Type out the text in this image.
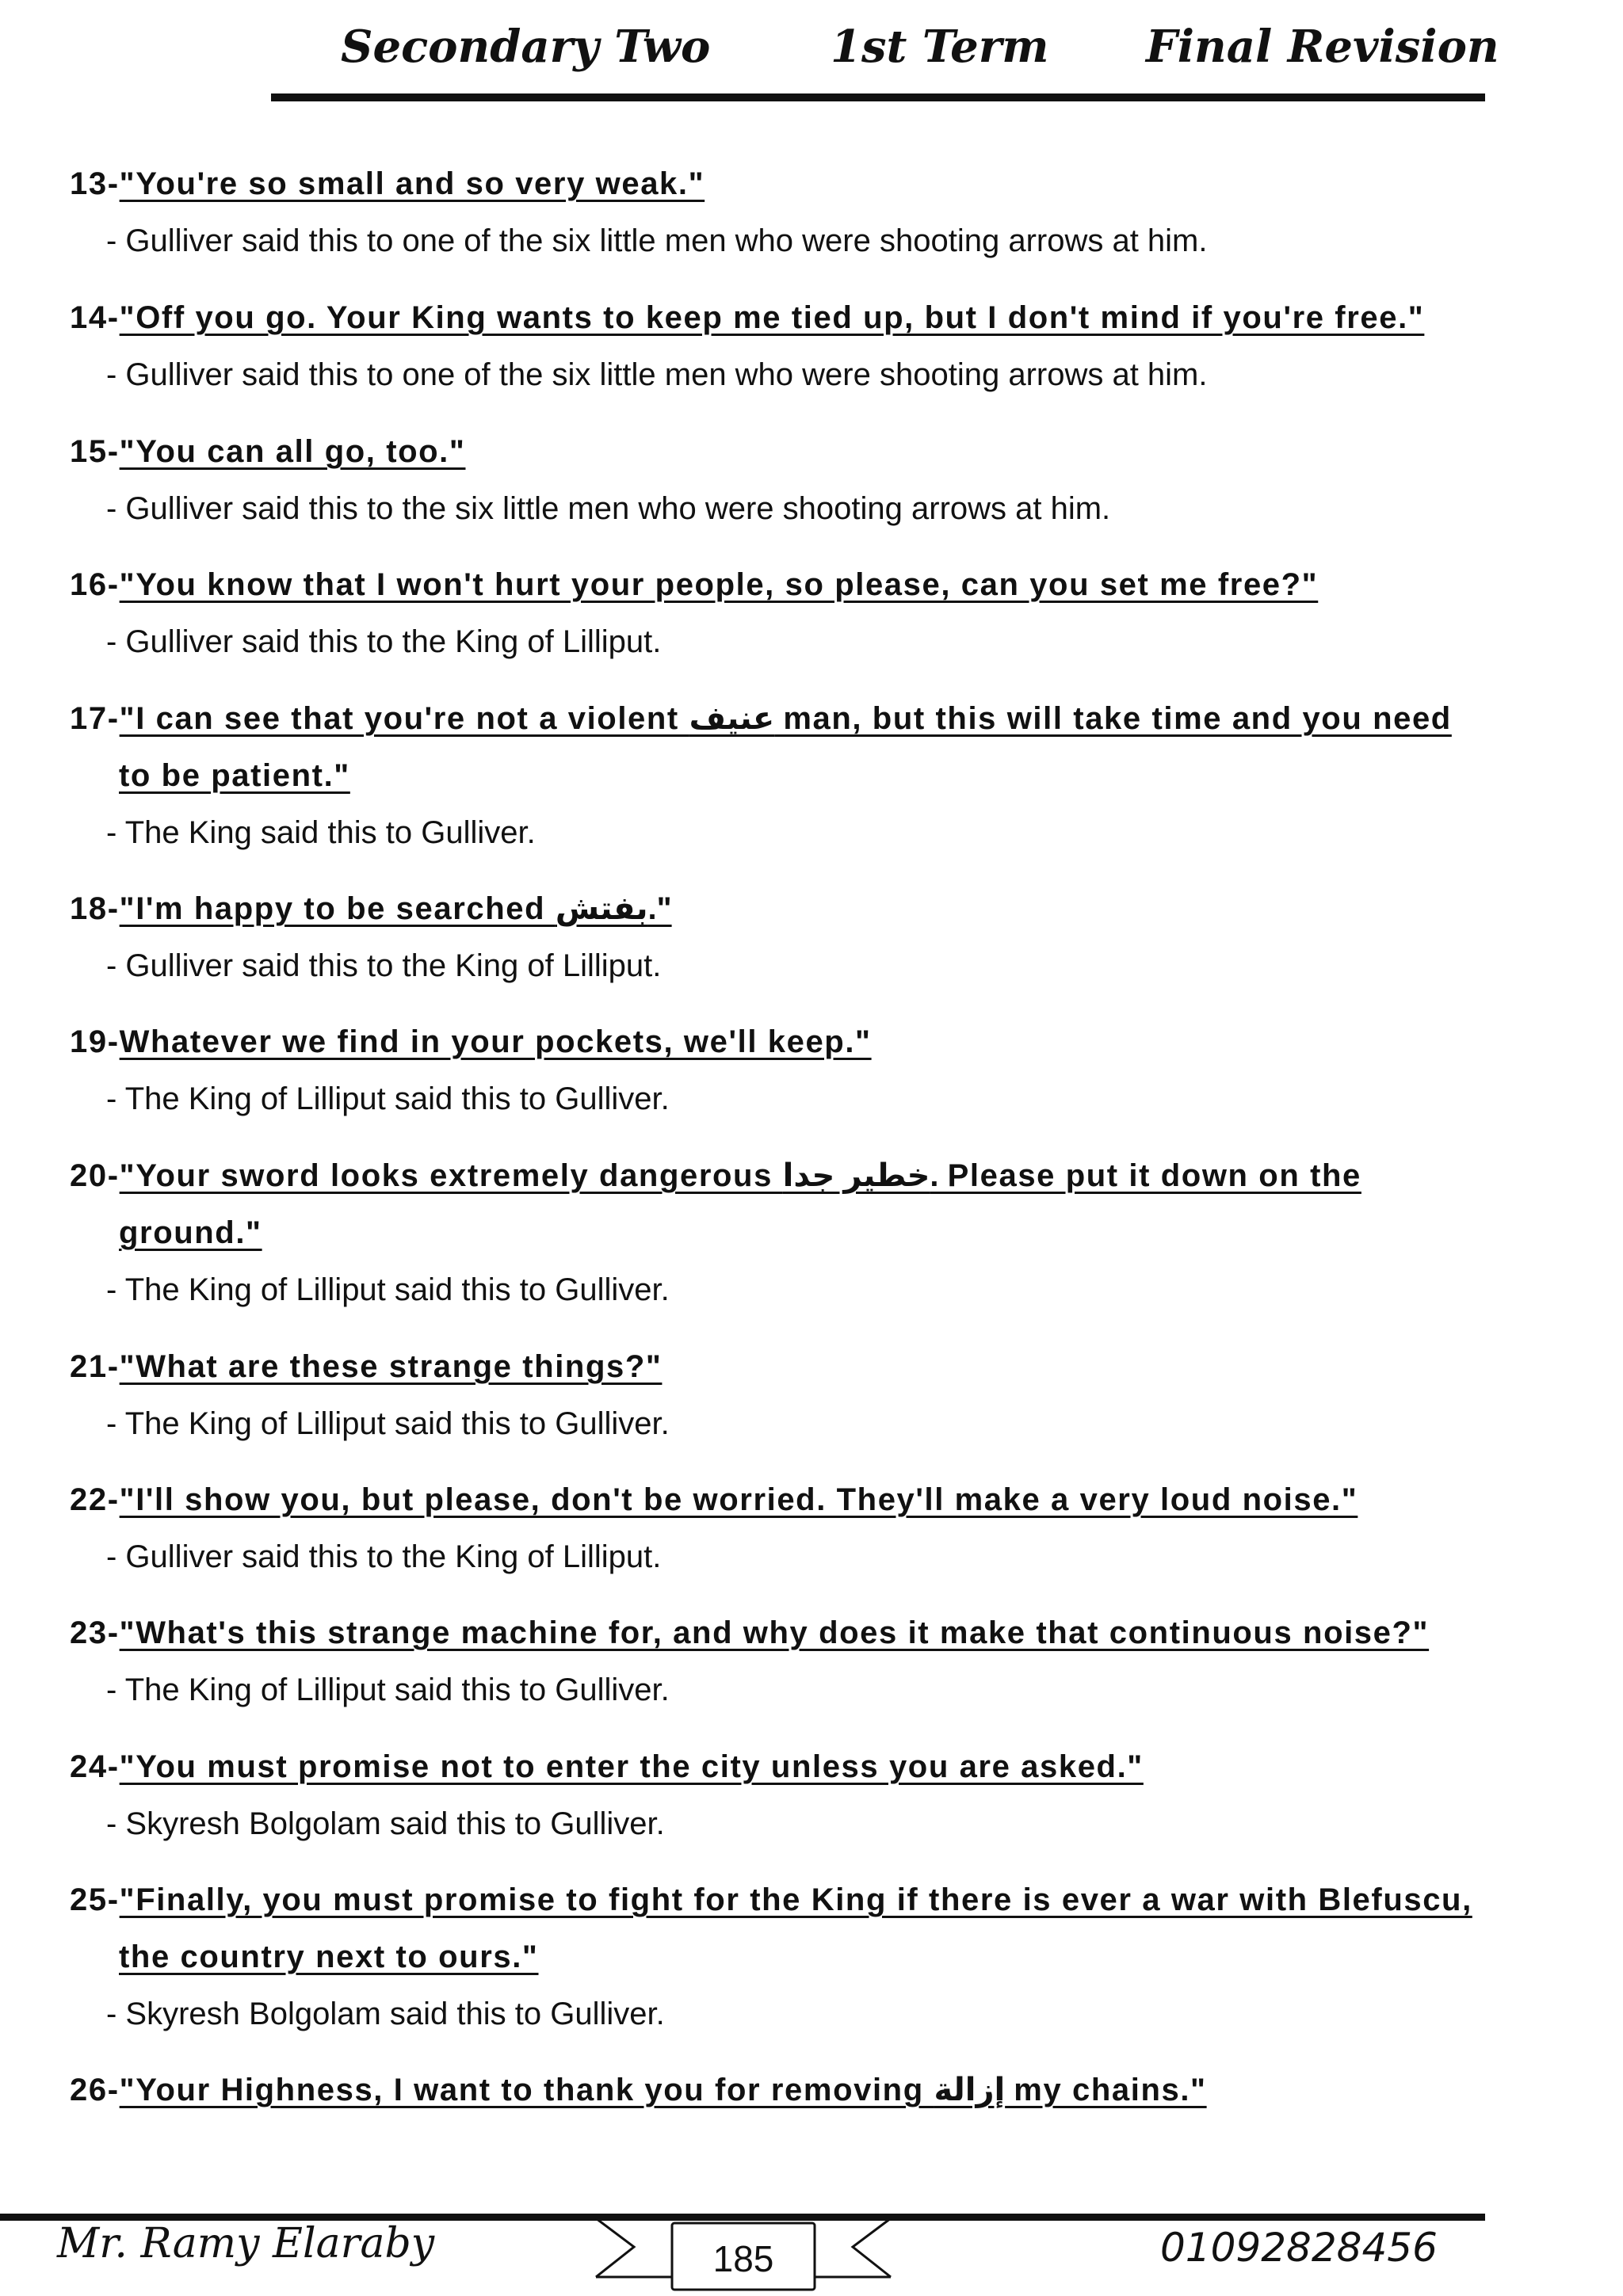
Secondary Two	1st Term Final Revision
13-"You're so small and so very weak."
- Gulliver said this to one of the six little men who were shooting arrows at him.
14-"Off you go. Your King wants to keep me tied up, but I don't mind if you're free."
- Gulliver said this to one of the six little men who were shooting arrows at him.
15-"You can all go, too."
- Gulliver said this to the six little men who were shooting arrows at him.
16-"You know that I won't hurt your people, so please, can you set me free?"
- Gulliver said this to the King of Lilliput.
17-"I can see that you're not a violent عنيف man, but this will take time and you need
to be patient."
- The King said this to Gulliver.
18-"I'm happy to be searched بفتش."
- Gulliver said this to the King of Lilliput.
19-Whatever we find in your pockets, we'll keep."
- The King of Lilliput said this to Gulliver.
20-"Your sword looks extremely dangerous خطير جدا. Please put it down on the
ground."
- The King of Lilliput said this to Gulliver.
21-"What are these strange things?"
- The King of Lilliput said this to Gulliver.
22-"I'll show you, but please, don't be worried. They'll make a very loud noise."
- Gulliver said this to the King of Lilliput.
23-"What's this strange machine for, and why does it make that continuous noise?"
- The King of Lilliput said this to Gulliver.
24-"You must promise not to enter the city unless you are asked."
- Skyresh Bolgolam said this to Gulliver.
25-"Finally, you must promise to fight for the King if there is ever a war with Blefuscu,
the country next to ours."
- Skyresh Bolgolam said this to Gulliver.
26-"Your Highness, I want to thank you for removing إزالة my chains."
Mr. Ramy Elaraby	185	01092828456
